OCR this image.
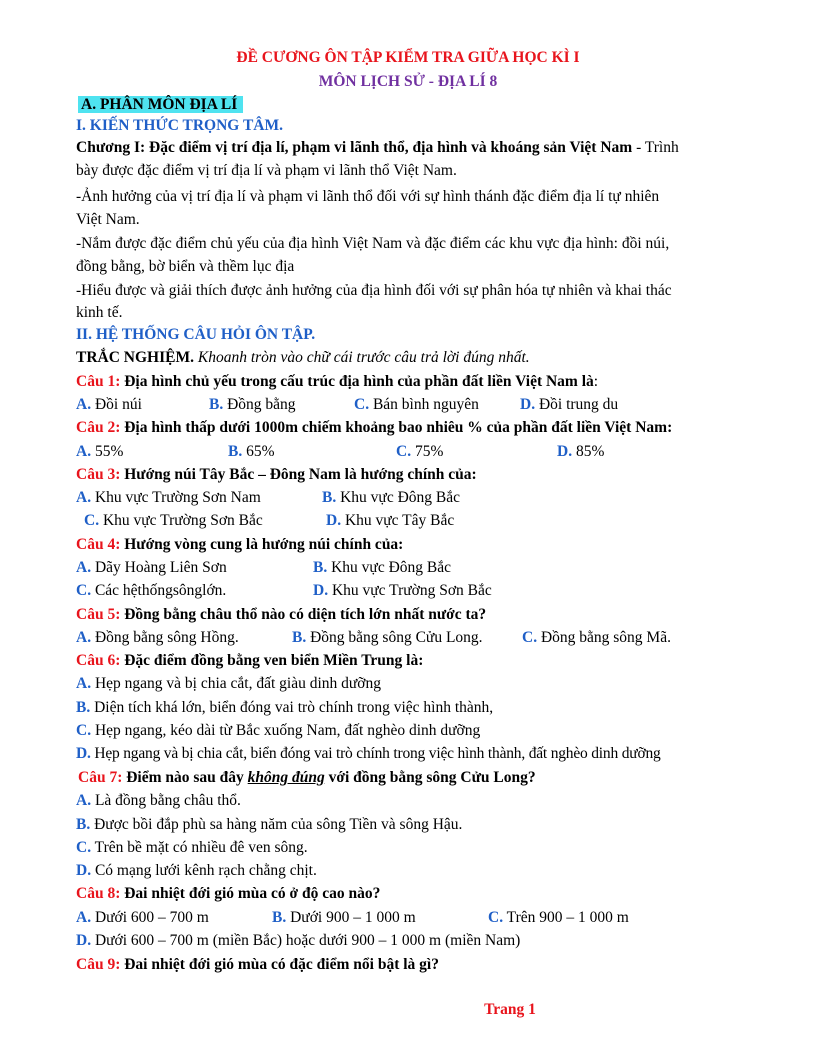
ĐỀ CƯƠNG ÔN TẬP KIỂM TRA GIỮA HỌC KÌ I
MÔN LỊCH SỬ - ĐỊA LÍ 8
A. PHÂN MÔN ĐỊA LÍ
I. KIẾN THỨC TRỌNG TÂM.
Chương I: Đặc điểm vị trí địa lí, phạm vi lãnh thổ, địa hình và khoáng sản Việt Nam - Trình
bày được đặc điểm vị trí địa lí và phạm vi lãnh thổ Việt Nam.
-Ảnh hưởng của vị trí địa lí và phạm vi lãnh thổ đối với sự hình thánh đặc điểm địa lí tự nhiên
Việt Nam.
-Nắm được đặc điểm chủ yếu của địa hình Việt Nam và đặc điểm các khu vực địa hình: đồi núi,
đồng bằng, bờ biển và thềm lục địa
-Hiểu được và giải thích được ảnh hưởng của địa hình đối với sự phân hóa tự nhiên và khai thác
kinh tế.
II. HỆ THỐNG CÂU HỎI ÔN TẬP.
TRẮC NGHIỆM. Khoanh tròn vào chữ cái trước câu trả lời đúng nhất.
Câu 1: Địa hình chủ yếu trong cấu trúc địa hình của phần đất liền Việt Nam là:
A. Đồi núi	B. Đồng bằng	C. Bán bình nguyên	D. Đồi trung du
Câu 2: Địa hình thấp dưới 1000m chiếm khoảng bao nhiêu % của phần đất liền Việt Nam:
A. 55%	B. 65%	C. 75%	D. 85%
Câu 3: Hướng núi Tây Bắc – Đông Nam là hướng chính của:
A. Khu vực Trường Sơn Nam	B. Khu vực Đông Bắc
C. Khu vực Trường Sơn Bắc	D. Khu vực Tây Bắc
Câu 4: Hướng vòng cung là hướng núi chính của:
A. Dãy Hoàng Liên Sơn	B. Khu vực Đông Bắc
C. Các hệthốngsônglớn.	D. Khu vực Trường Sơn Bắc
Câu 5: Đồng bằng châu thổ nào có diện tích lớn nhất nước ta?
A. Đồng bằng sông Hồng.	B. Đồng bằng sông Cửu Long.	C. Đồng bằng sông Mã.
Câu 6: Đặc điểm đồng bằng ven biển Miền Trung là:
A. Hẹp ngang và bị chia cắt, đất giàu dinh dưỡng
B. Diện tích khá lớn, biển đóng vai trò chính trong việc hình thành,
C. Hẹp ngang, kéo dài từ Bắc xuống Nam, đất nghèo dinh dưỡng
D. Hẹp ngang và bị chia cắt, biển đóng vai trò chính trong việc hình thành, đất nghèo dinh dưỡng
Câu 7: Điểm nào sau đây không đúng với đồng bằng sông Cửu Long?
A. Là đồng bằng châu thổ.
B. Được bồi đắp phù sa hàng năm của sông Tiền và sông Hậu.
C. Trên bề mặt có nhiều đê ven sông.
D. Có mạng lưới kênh rạch chằng chịt.
Câu 8: Đai nhiệt đới gió mùa có ở độ cao nào?
A. Dưới 600 – 700 m	B. Dưới 900 – 1 000 m	C. Trên 900 – 1 000 m
D. Dưới 600 – 700 m (miền Bắc) hoặc dưới 900 – 1 000 m (miền Nam)
Câu 9: Đai nhiệt đới gió mùa có đặc điểm nổi bật là gì?
Trang 1
